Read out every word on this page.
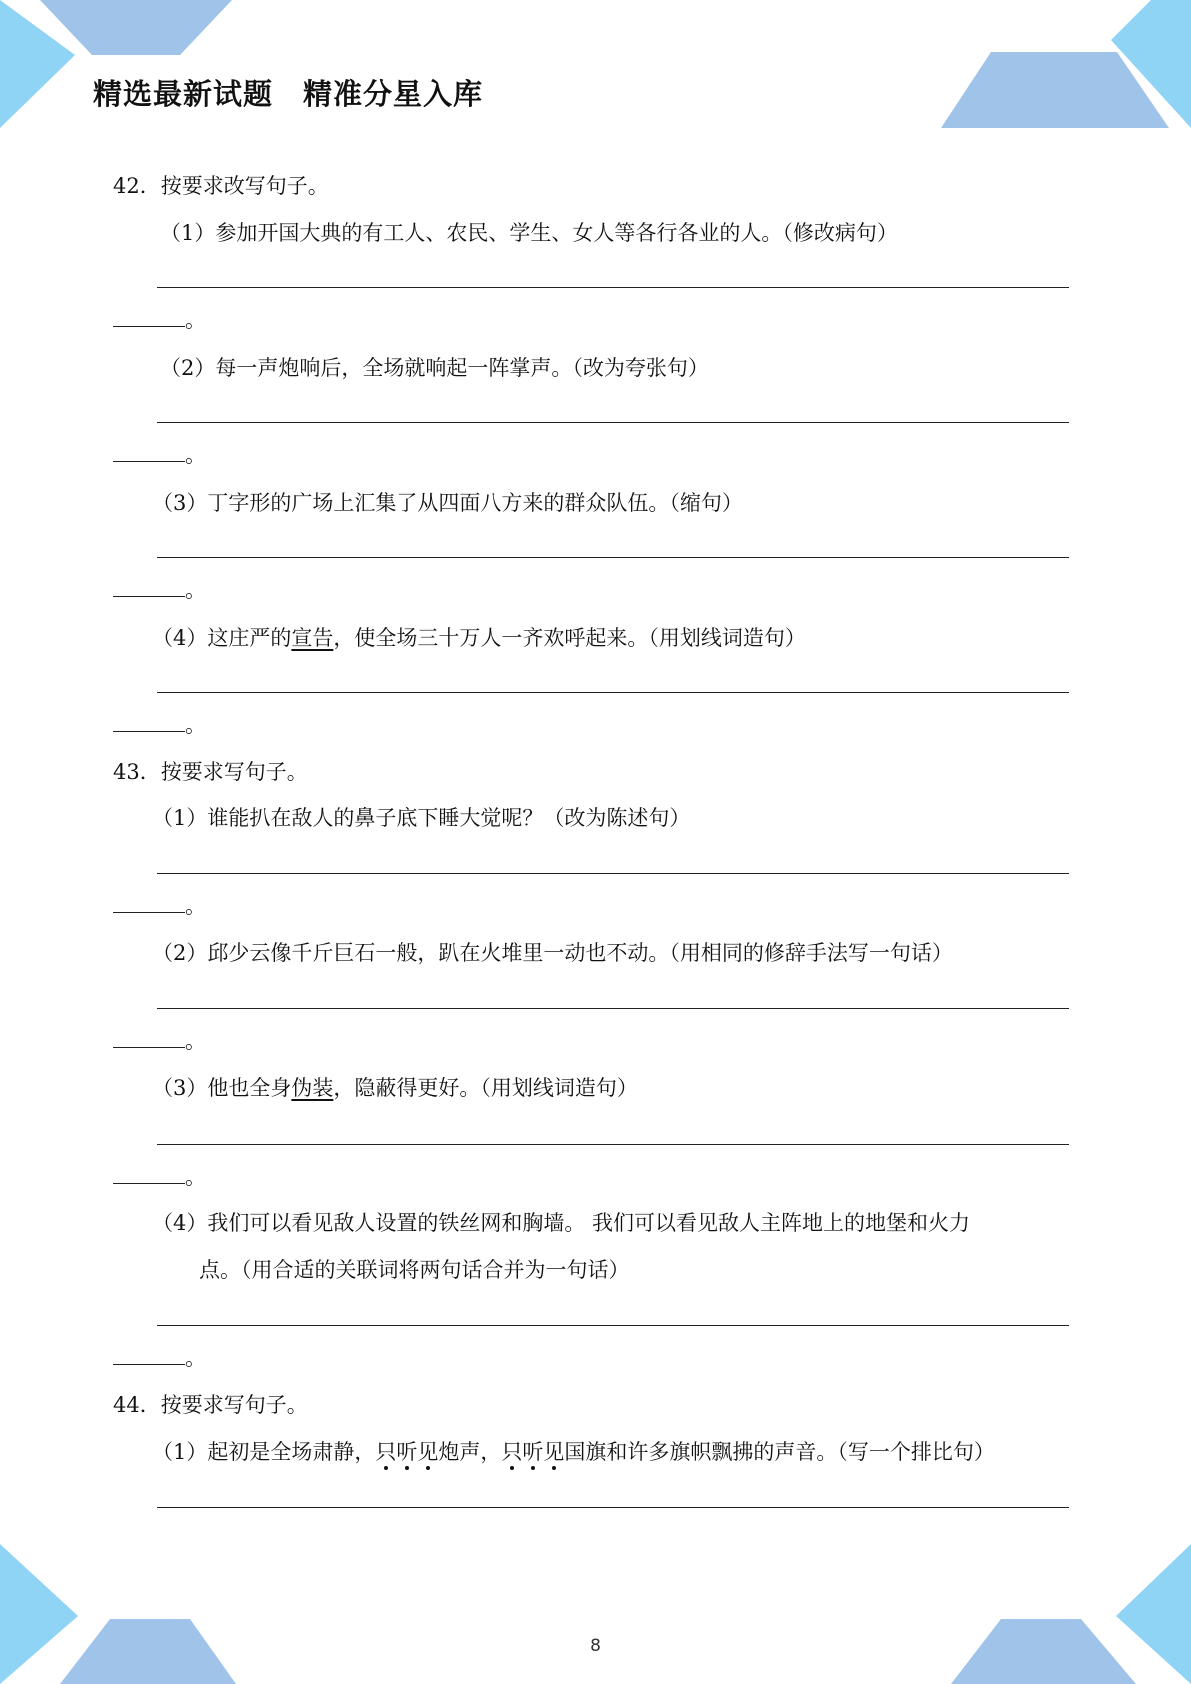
精选最新试题　精准分星入库
42．按要求改写句子。
（1）参加开国大典的有工人、农民、学生、女人等各行各业的人。（修改病句）
。
（2）每一声炮响后，全场就响起一阵掌声。（改为夸张句）
。
（3）丁字形的广场上汇集了从四面八方来的群众队伍。（缩句）
。
（4）这庄严的宣告，使全场三十万人一齐欢呼起来。（用划线词造句）
。
43．按要求写句子。
（1）谁能扒在敌人的鼻子底下睡大觉呢？（改为陈述句）
。
（2）邱少云像千斤巨石一般，趴在火堆里一动也不动。（用相同的修辞手法写一句话）
。
（3）他也全身伪装，隐蔽得更好。（用划线词造句）
。
（4）我们可以看见敌人设置的铁丝网和胸墙。 我们可以看见敌人主阵地上的地堡和火力
点。（用合适的关联词将两句话合并为一句话）
。
44．按要求写句子。
（1）起初是全场肃静，只听见炮声，只听见国旗和许多旗帜飘拂的声音。（写一个排比句）
8
